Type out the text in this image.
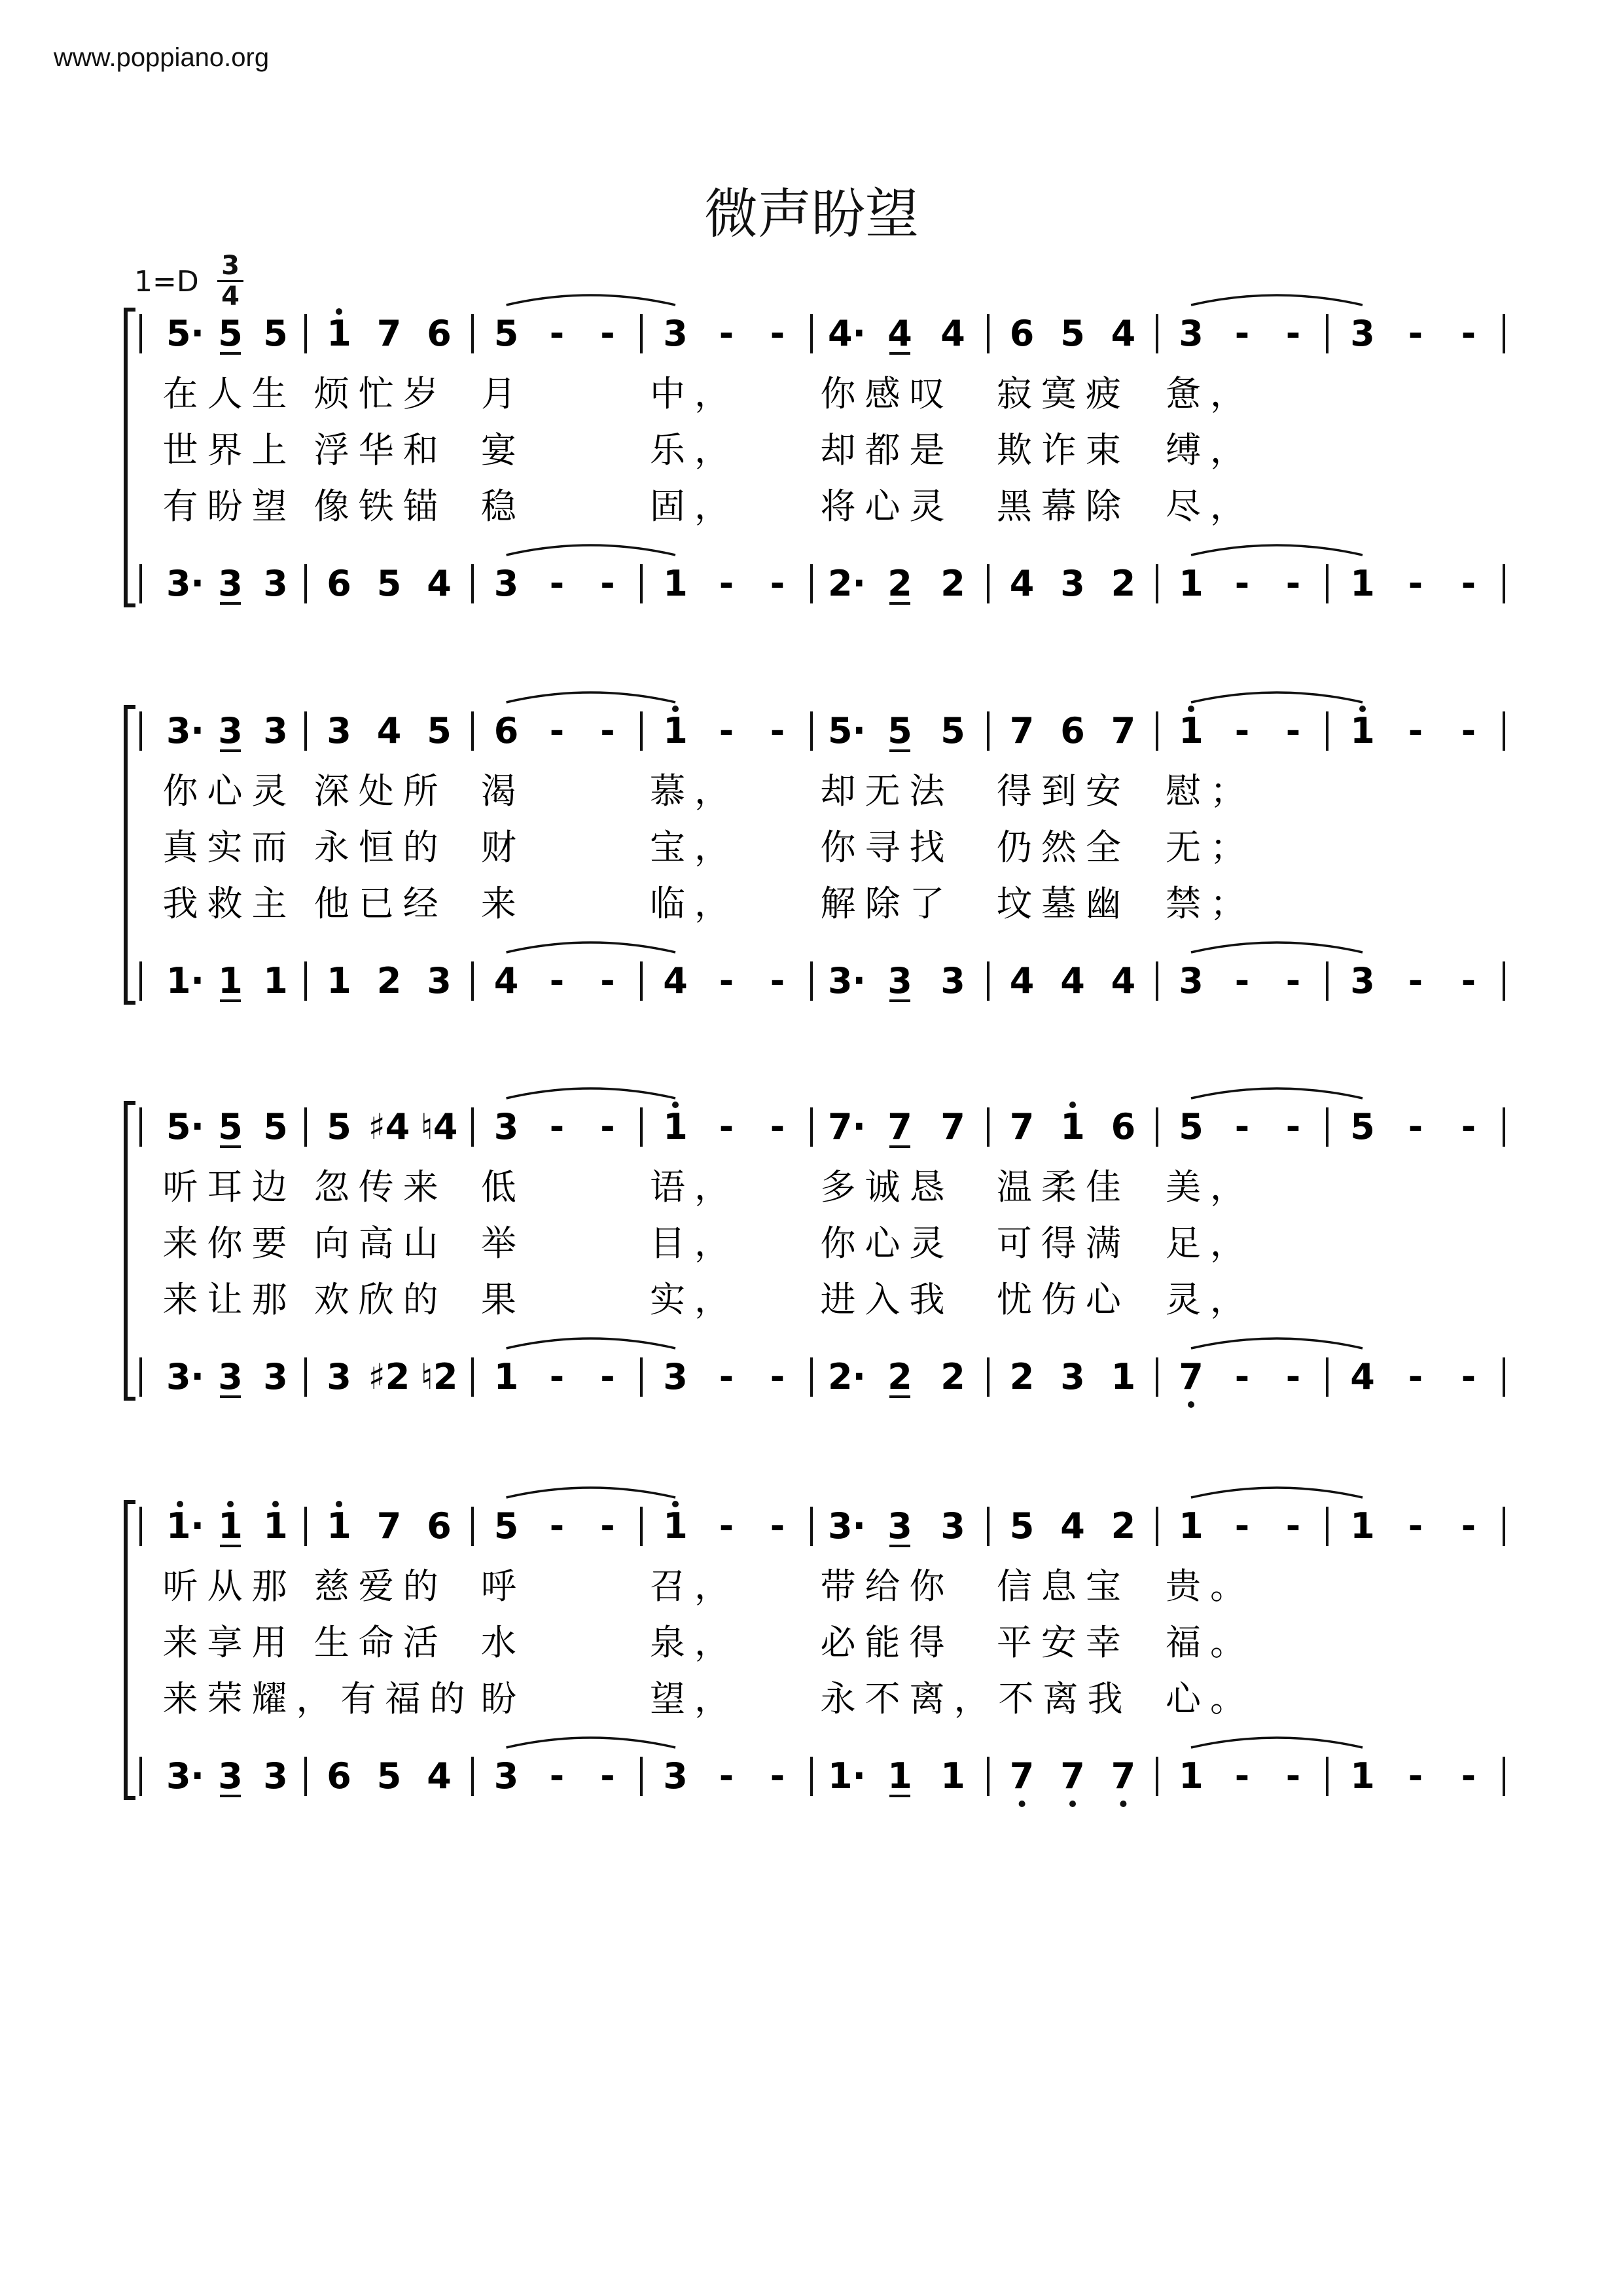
www.poppiano.org
微声盼望
1=D 3
4
在人生 烦忙岁 月	中， 你感叹 寂寞疲 惫，
世界上 浮华和 宴	乐， 却都是 欺诈束 缚，
有盼望 像铁锚 稳	固， 将心灵 黑幕除 尽，
5· 5 5 1 7 6 5 - - 3 - - 4· 4 4 6 5 4 3 - - 3 - -
3· 3 3 6 5 4 3 - - 1 - - 2· 2 2 4 3 2 1 - - 1 - -
你心灵 深处所 渴	慕， 却无法 得到安 慰；
真实而 永恒的 财	宝， 你寻找 仍然全 无；
我救主 他已经 来	临， 解除了 坟墓幽 禁；
3· 3 3 3 4 5 6 - - 1 - - 5· 5 5 7 6 7 1 - - 1 - -
1· 1 1 1 2 3 4 - - 4 - - 3· 3 3 4 4 4 3 - - 3 - -
听耳边 忽传来 低	语， 多诚恳 温柔佳 美，
来你要 向高山 举	目， 你心灵 可得满 足，
来让那 欢欣的 果	实， 进入我 忧伤心 灵，
5· 5 5 5 ♯4 ♮4 3 - - 1 - - 7· 7 7 7 1 6 5 - - 5 - -
3· 3 3 3 ♯2 ♮2 1 - - 3 - - 2· 2 2 2 3 1 7 - - 4 - -
听从那 慈爱的 呼	召， 带给你 信息宝 贵。
来享用 生命活 水	泉， 必能得 平安幸 福。
来荣耀，有福的 盼	望， 永不离，不离我 心。
1· 1 1 1 7 6 5 - - 1 - - 3· 3 3 5 4 2 1 - - 1 - -
3· 3 3 6 5 4 3 - - 3 - - 1· 1 1 7 7 7 1 - - 1 - -
